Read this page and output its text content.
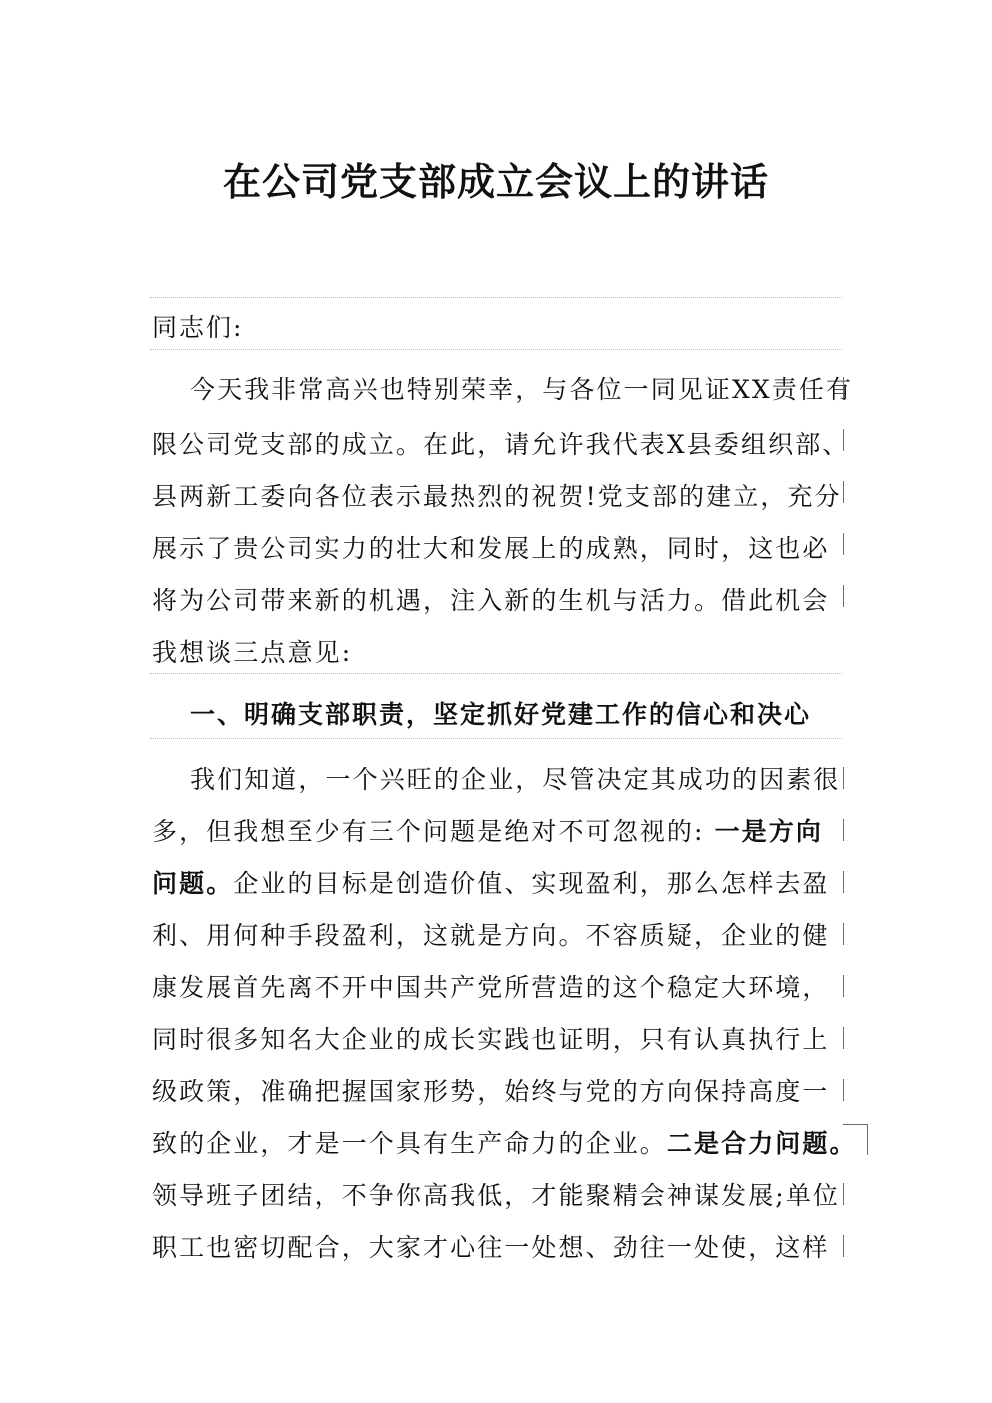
在公司党支部成立会议上的讲话
同志们:
今天我非常高兴也特别荣幸，与各位一同见证XX责任有
限公司党支部的成立。在此，请允许我代表X县委组织部、
县两新工委向各位表示最热烈的祝贺!党支部的建立，充分
展示了贵公司实力的壮大和发展上的成熟，同时，这也必
将为公司带来新的机遇，注入新的生机与活力。借此机会
我想谈三点意见:
一、明确支部职责，坚定抓好党建工作的信心和决心
我们知道，一个兴旺的企业，尽管决定其成功的因素很
多，但我想至少有三个问题是绝对不可忽视的: 一是方向
问题。企业的目标是创造价值、实现盈利，那么怎样去盈
利、用何种手段盈利，这就是方向。不容质疑，企业的健
康发展首先离不开中国共产党所营造的这个稳定大环境，
同时很多知名大企业的成长实践也证明，只有认真执行上
级政策，准确把握国家形势，始终与党的方向保持高度一
致的企业，才是一个具有生产命力的企业。二是合力问题。
领导班子团结，不争你高我低，才能聚精会神谋发展;单位
职工也密切配合，大家才心往一处想、劲往一处使，这样
